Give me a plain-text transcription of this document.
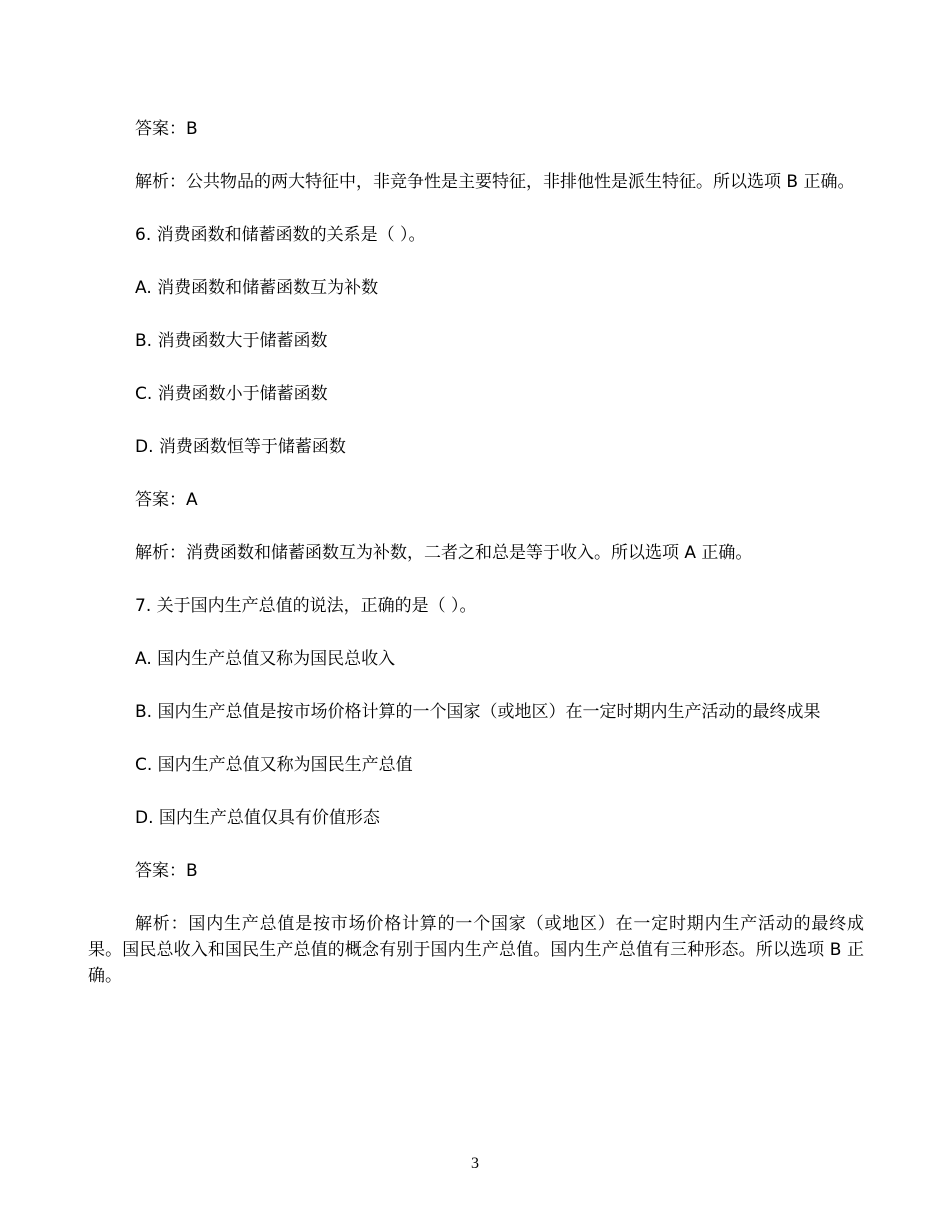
答案：B

解析：公共物品的两大特征中，非竞争性是主要特征，非排他性是派生特征。所以选项 B 正确。

6. 消费函数和储蓄函数的关系是（ ）。

A. 消费函数和储蓄函数互为补数

B. 消费函数大于储蓄函数

C. 消费函数小于储蓄函数

D. 消费函数恒等于储蓄函数

答案：A

解析：消费函数和储蓄函数互为补数，二者之和总是等于收入。所以选项 A 正确。

7. 关于国内生产总值的说法，正确的是（ ）。

A. 国内生产总值又称为国民总收入

B. 国内生产总值是按市场价格计算的一个国家（或地区）在一定时期内生产活动的最终成果

C. 国内生产总值又称为国民生产总值

D. 国内生产总值仅具有价值形态

答案：B

解析：国内生产总值是按市场价格计算的一个国家（或地区）在一定时期内生产活动的最终成果。国民总收入和国民生产总值的概念有别于国内生产总值。国内生产总值有三种形态。所以选项 B 正确。

3
